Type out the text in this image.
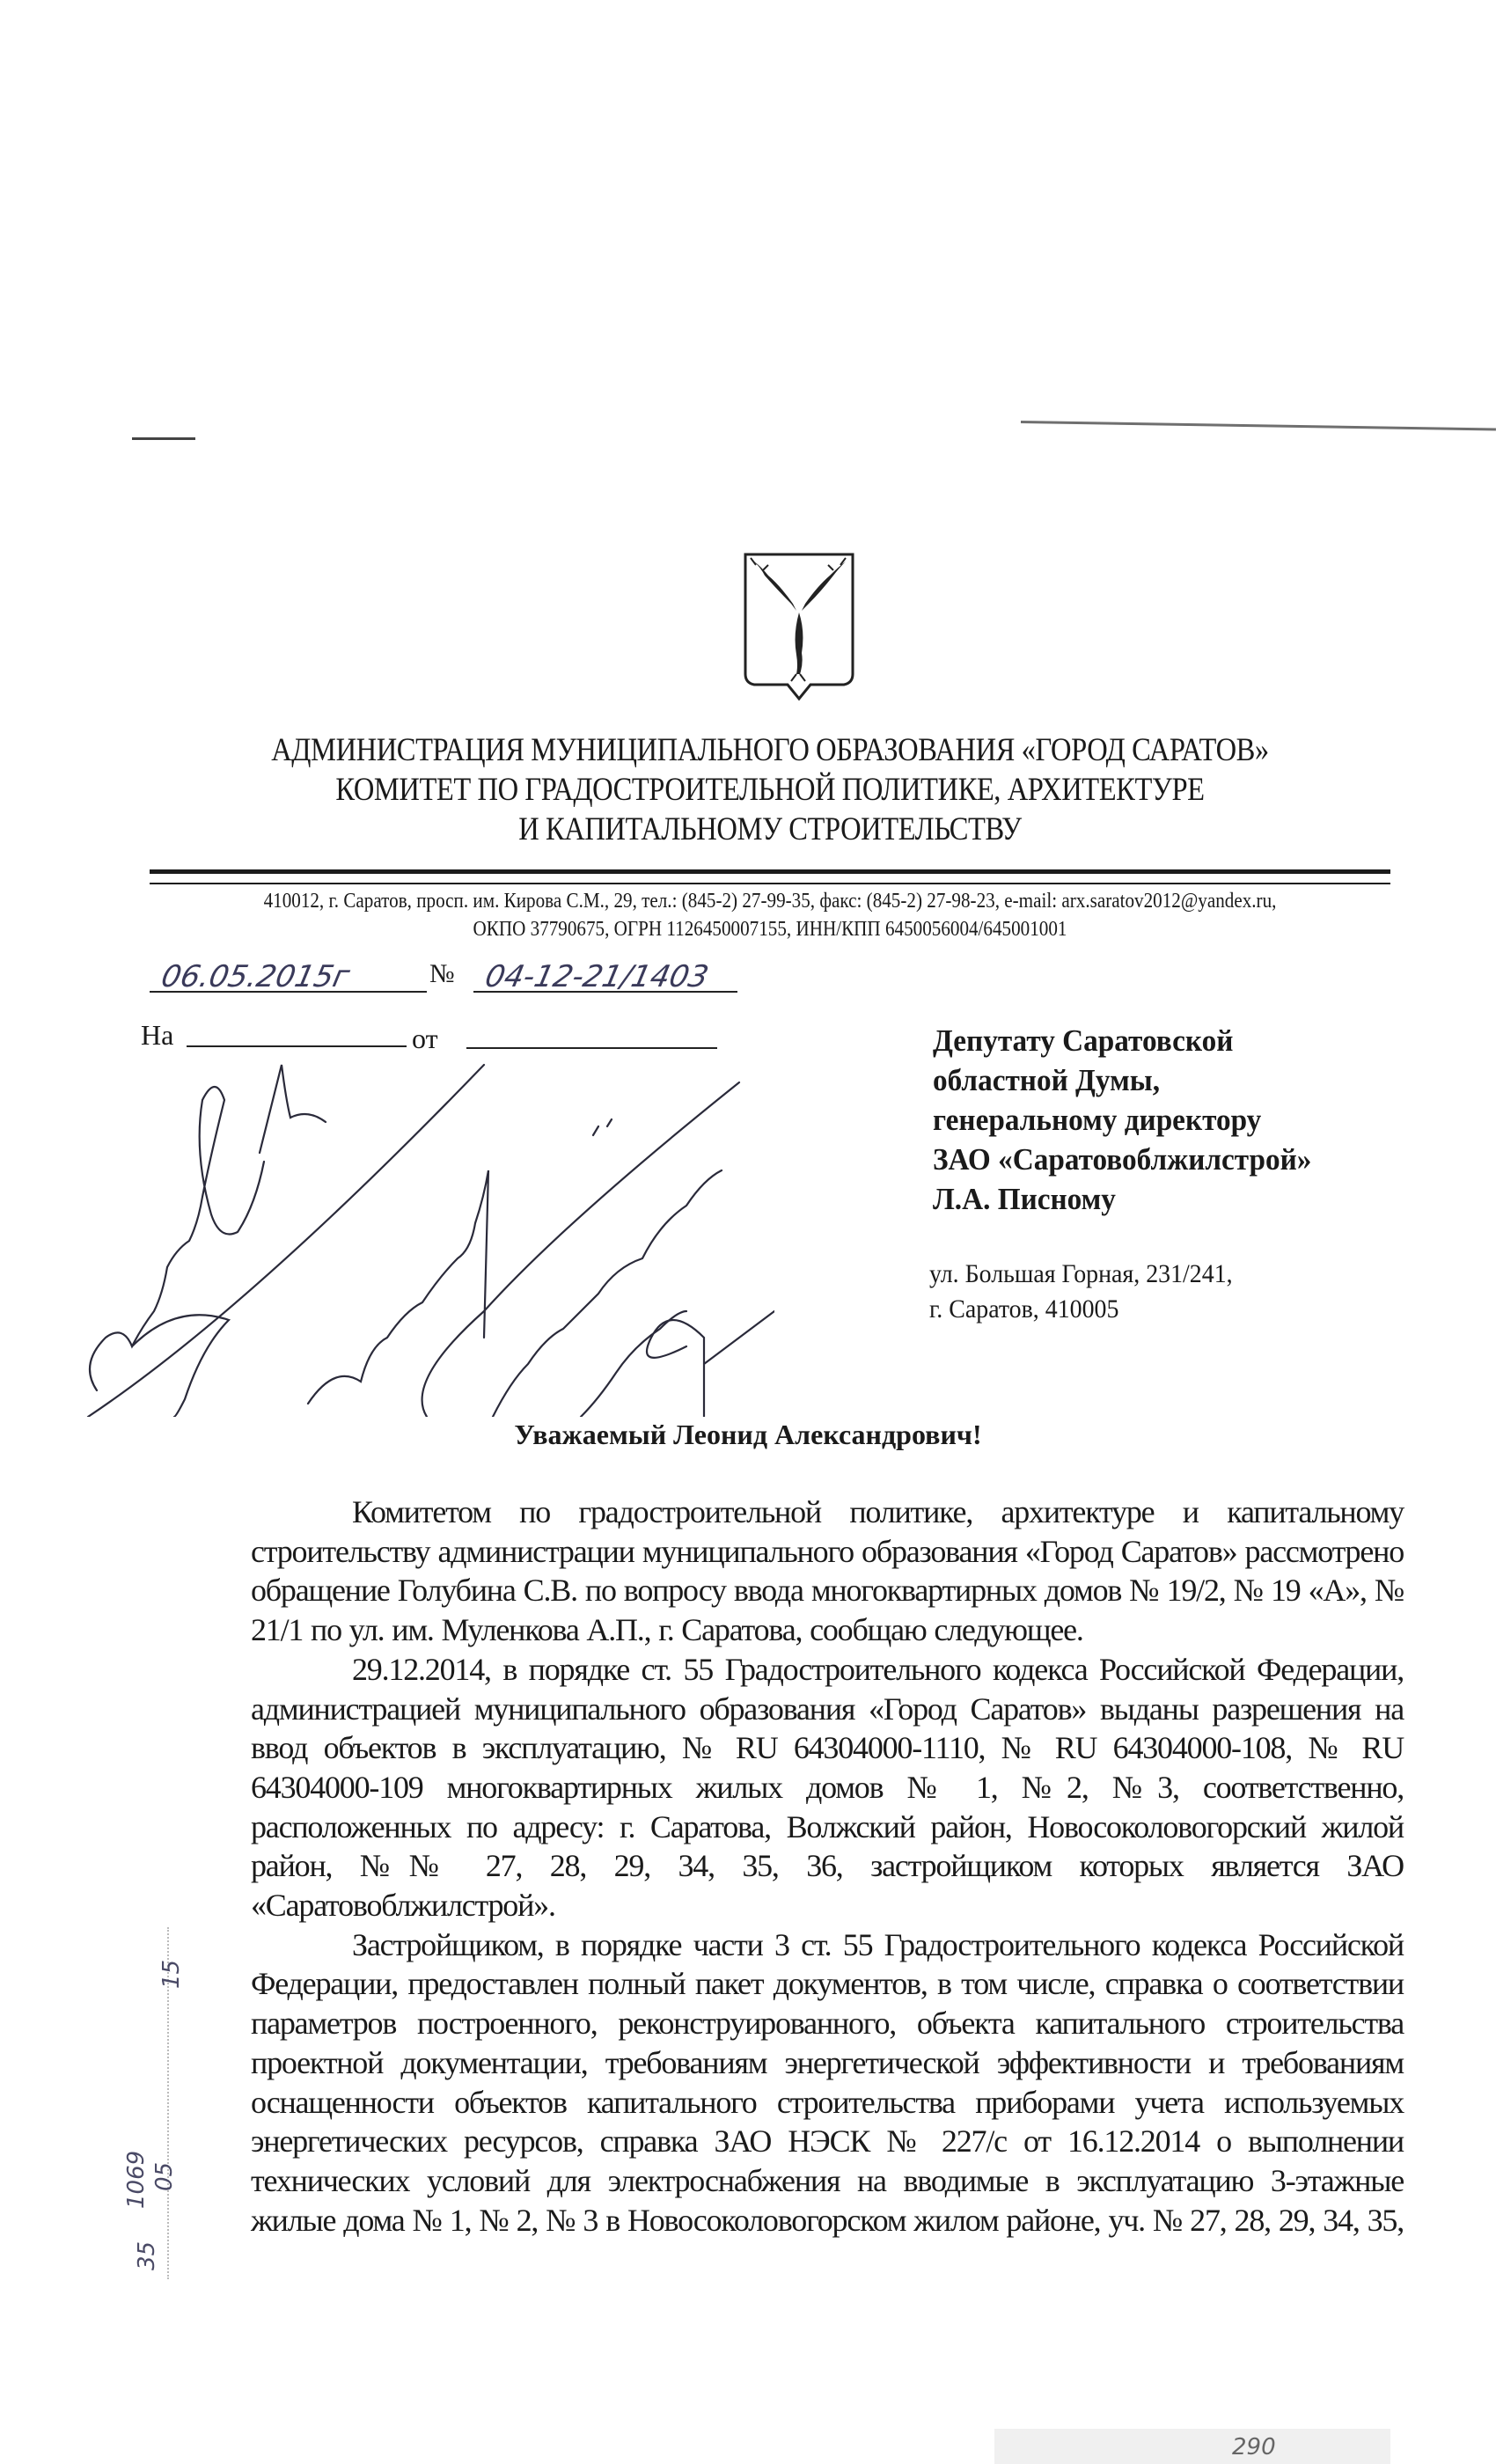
АДМИНИСТРАЦИЯ МУНИЦИПАЛЬНОГО ОБРАЗОВАНИЯ «ГОРОД САРАТОВ»
КОМИТЕТ ПО ГРАДОСТРОИТЕЛЬНОЙ ПОЛИТИКЕ, АРХИТЕКТУРЕ
И КАПИТАЛЬНОМУ СТРОИТЕЛЬСТВУ
410012, г. Саратов, просп. им. Кирова С.М., 29, тел.: (845-2) 27-99-35, факс: (845-2) 27-98-23, e-mail: arx.saratov2012@yandex.ru,
ОКПО 37790675, ОГРН 1126450007155, ИНН/КПП 6450056004/645001001
06.05.2015г	№ 04-12-21/1403
На	от	Депутату Саратовской
областной Думы,
генеральному директору
ЗАО «Саратовоблжилстрой»
Л.А. Писному
ул. Большая Горная, 231/241,
г. Саратов, 410005
Уважаемый Леонид Александрович!

Комитетом по градостроительной политике, архитектуре и капитальному строительству администрации муниципального образования «Город Саратов» рассмотрено обращение Голубина С.В. по вопросу ввода многоквартирных домов № 19/2, № 19 «А», № 21/1 по ул. им. Муленкова А.П., г. Саратова, сообщаю следующее.

29.12.2014, в порядке ст. 55 Градостроительного кодекса Российской Федерации, администрацией муниципального образования «Город Саратов» выданы разрешения на ввод объектов в эксплуатацию, № RU 64304000-1110, № RU 64304000-108, № RU 64304000-109 многоквартирных жилых домов № 1, №2, №3, соответственно, расположенных по адресу: г. Саратова, Волжский район, Новосоколовогорский жилой район, №№ 27, 28, 29, 34, 35, 36, застройщиком которых является ЗАО «Саратовоблжилстрой».

Застройщиком, в порядке части 3 ст. 55 Градостроительного кодекса Российской Федерации, предоставлен полный пакет документов, в том числе, справка о соответствии параметров построенного, реконструированного, объекта капитального строительства проектной документации, требованиям энергетической эффективности и требованиям оснащенности объектов капитального строительства приборами учета используемых энергетических ресурсов, справка ЗАО НЭСК № 227/с от 16.12.2014 о выполнении технических условий для электроснабжения на вводимые в эксплуатацию 3-этажные жилые дома № 1, № 2, № 3 в Новосоколовогорском жилом районе, уч. № 27, 28, 29, 34, 35,

15
1069 05
35
290
